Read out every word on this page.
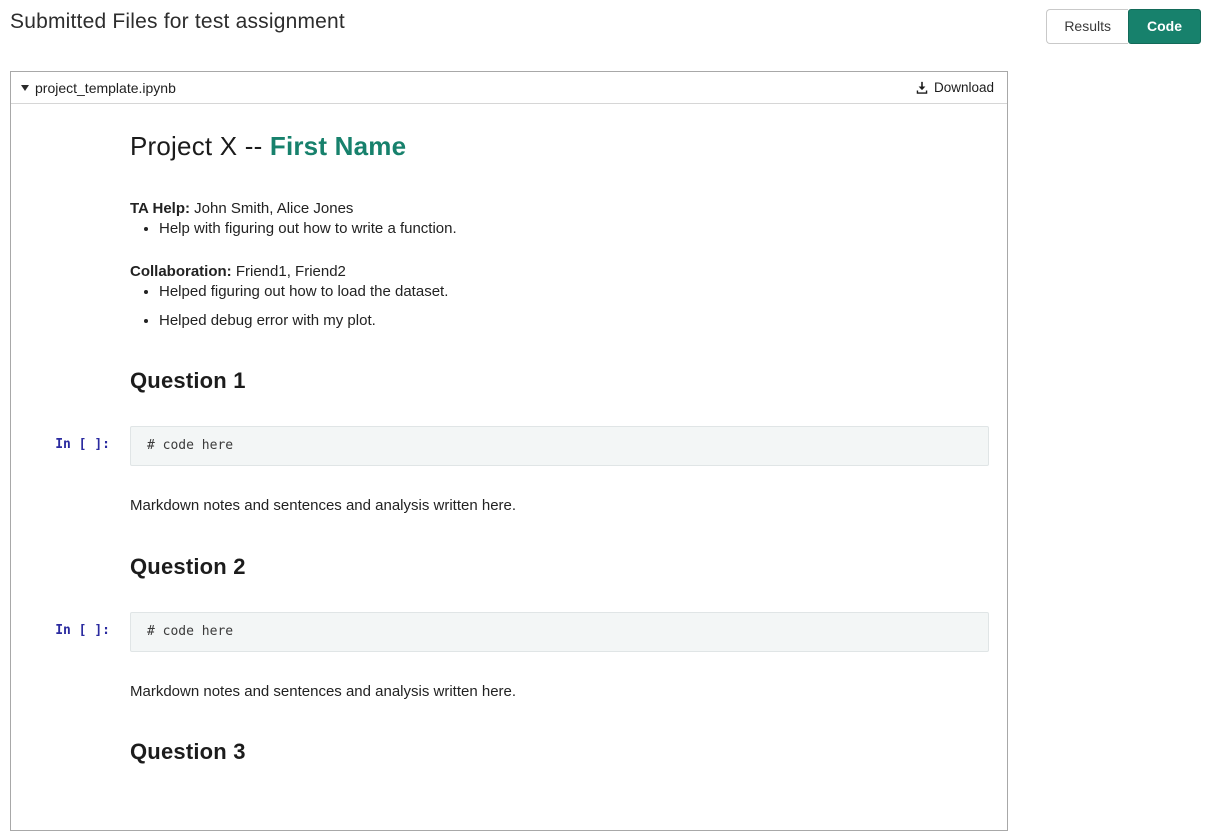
Submitted Files for test assignment	Results	Code
project_template.ipynb	Download
Project X -- First Name

TA Help: John Smith, Alice Jones

• Help with figuring out how to write a function.

Collaboration: Friend1, Friend2

• Helped figuring out how to load the dataset.
• Helped debug error with my plot.
Question 1
In [ ]:	# code here

Markdown notes and sentences and analysis written here.

Question 2
In [ ]:	# code here

Markdown notes and sentences and analysis written here.

Question 3
